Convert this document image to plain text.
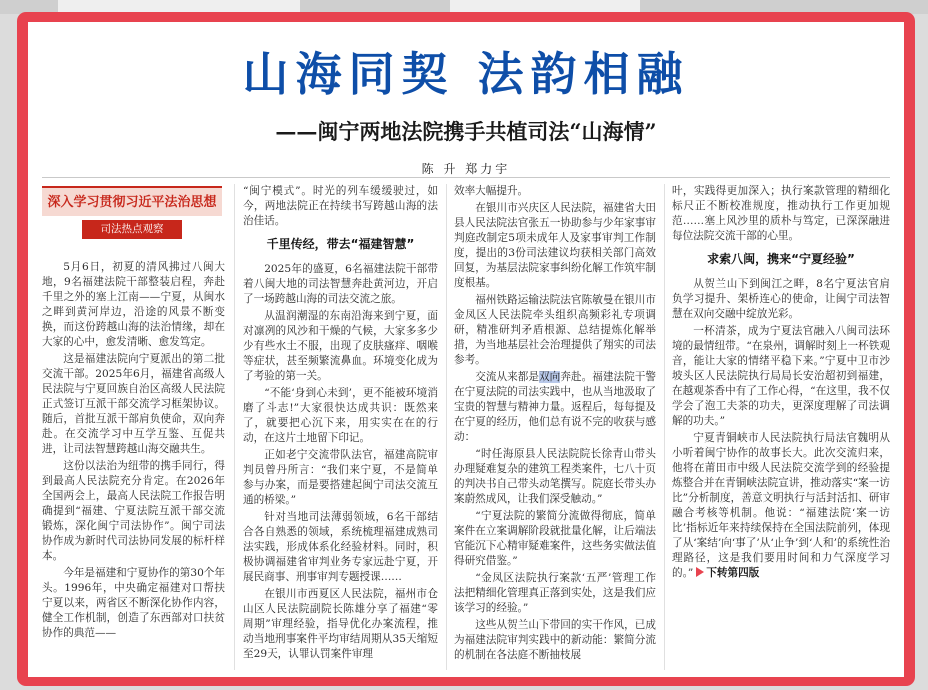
山海同契 法韵相融
——闽宁两地法院携手共植司法“山海情”
陈 升 郑力宇
深入学习贯彻习近平法治思想
司法热点观察

5月6日，初夏的清风拂过八闽大地，9名福建法院干部整装启程，奔赴千里之外的塞上江南——宁夏，从闽水之畔到黄河岸边，沿途的风景不断变换，而这份跨越山海的法治情缘，却在大家的心中，愈发清晰、愈发笃定。

这是福建法院向宁夏派出的第二批交流干部。2025年6月，福建省高级人民法院与宁夏回族自治区高级人民法院正式签订互派干部交流学习框架协议。随后，首批互派干部肩负使命，双向奔赴。在交流学习中互学互鉴、互促共进，让司法智慧跨越山海交融共生。

这份以法治为纽带的携手同行，得到最高人民法院充分肯定。在2026年全国两会上，最高人民法院工作报告明确提到“福建、宁夏法院互派干部交流锻炼，深化闽宁司法协作”。闽宁司法协作成为新时代司法协同发展的标杆样本。

今年是福建和宁夏协作的第30个年头。1996年，中央确定福建对口帮扶宁夏以来，两省区不断深化协作内容，健全工作机制，创造了东西部对口扶贫协作的典范——

“闽宁模式”。时光的列车缓缓驶过，如今，两地法院正在持续书写跨越山海的法治佳话。

千里传经，带去“福建智慧”

2025年的盛夏，6名福建法院干部带着八闽大地的司法智慧奔赴黄河边，开启了一场跨越山海的司法交流之旅。

从温润潮湿的东南沿海来到宁夏，面对凛冽的风沙和干燥的气候，大家多多少少有些水土不服，出现了皮肤瘙痒、咽喉等症状，甚至频繁流鼻血。环境变化成为了考验的第一关。

“不能‘身到心未到’，更不能被环境消磨了斗志!”大家很快达成共识：既然来了，就要把心沉下来，用实实在在的行动，在这片土地留下印记。

正如老宁交流带队法官，福建高院审判员曾丹所言：“我们来宁夏，不是简单参与办案，而是要搭建起闽宁司法交流互通的桥梁。”

针对当地司法薄弱领域，6名干部结合各自熟悉的领域，系统梳理福建成熟司法实践，形成体系化经验材料。同时，积极协调福建省审判业务专家远赴宁夏，开展民商事、刑事审判专题授课……

在银川市西夏区人民法院，福州市仓山区人民法院副院长陈雄分享了福建“零周期”审理经验，指导优化办案流程，推动当地刑事案件平均审结周期从35天缩短至29天，认罪认罚案件审理

效率大幅提升。

在银川市兴庆区人民法院，福建省大田县人民法院法官张五一协助参与少年家事审判庭改制定5项未成年人及家事审判工作制度，提出的3份司法建议均获相关部门高效回复，为基层法院家事纠纷化解工作筑牢制度根基。

福州铁路运输法院法官陈敏曼在银川市金凤区人民法院牵头组织高频彩礼专项调研，精准研判矛盾根源、总结提炼化解举措，为当地基层社会治理提供了翔实的司法参考。

交流从来都是双向奔赴。福建法院干警在宁夏法院的司法实践中，也从当地汲取了宝贵的智慧与精神力量。返程后，每每提及在宁夏的经历，他们总有说不完的收获与感动：

“时任海原县人民法院院长徐青山带头办理疑难复杂的建筑工程类案件，七八十页的判决书自己带头动笔撰写。院庭长带头办案蔚然成风，让我们深受触动。”

“宁夏法院的繁简分流做得彻底，简单案件在立案调解阶段就批量化解，让后端法官能沉下心精审疑难案件，这些务实做法值得研究借鉴。”

“金凤区法院执行案款‘五严’管理工作法把精细化管理真正落到实处，这是我们应该学习的经验。”

这些从贺兰山下带回的实干作风，已成为福建法院审判实践中的新动能：繁简分流的机制在各法庭不断抽枝展

叶，实践得更加深入；执行案款管理的精细化标尺正不断校准规度，推动执行工作更加规范……塞上风沙里的质朴与笃定，已深深融进每位法院交流干部的心里。

求索八闽，携来“宁夏经验”

从贺兰山下到闽江之畔，8名宁夏法官肩负学习提升、架桥连心的使命，让闽宁司法智慧在双向交融中绽放光彩。

一杯清茶，成为宁夏法官融入八闽司法环境的最情纽带。“在泉州，调解时刻上一杯铁观音，能让大家的情绪平稳下来。”宁夏中卫市沙坡头区人民法院执行局局长安治超初到福建，在越观茶香中有了工作心得，“在这里，我不仅学会了泡工夫茶的功夫，更深度理解了司法调解的功夫。”

宁夏青铜峡市人民法院执行局法官魏明从小听着闽宁协作的故事长大。此次交流归来，他将在莆田市中级人民法院交流学到的经验提炼整合并在青铜峡法院宣讲，推动落实“案一访比”分析制度，善意文明执行与活封活扣、研审融合考核等机制。他说：“福建法院‘案一访比’指标近年来持续保持在全国法院前列，体现了从‘案结’向‘事了’从‘止争’到‘人和’的系统性治理路径，这是我们要用时间和力气深度学习的。” 下转第四版
